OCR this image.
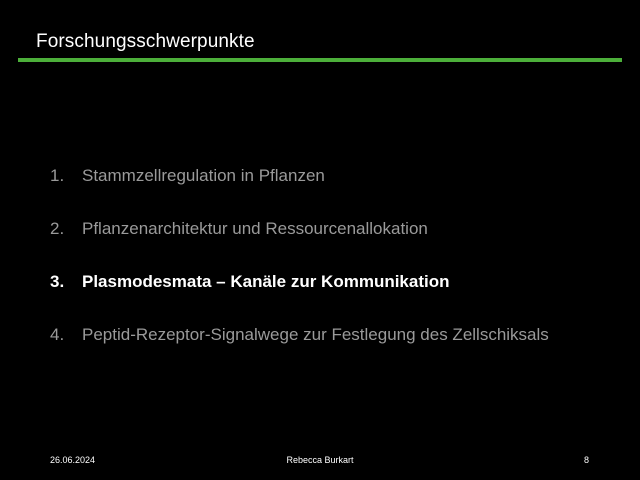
Forschungsschwerpunkte
1.	Stammzellregulation in Pflanzen
2.	Pflanzenarchitektur und Ressourcenallokation
3.	Plasmodesmata – Kanäle zur Kommunikation
4.	Peptid-Rezeptor-Signalwege zur Festlegung des Zellschiksals
26.06.2024	Rebecca Burkart	8
